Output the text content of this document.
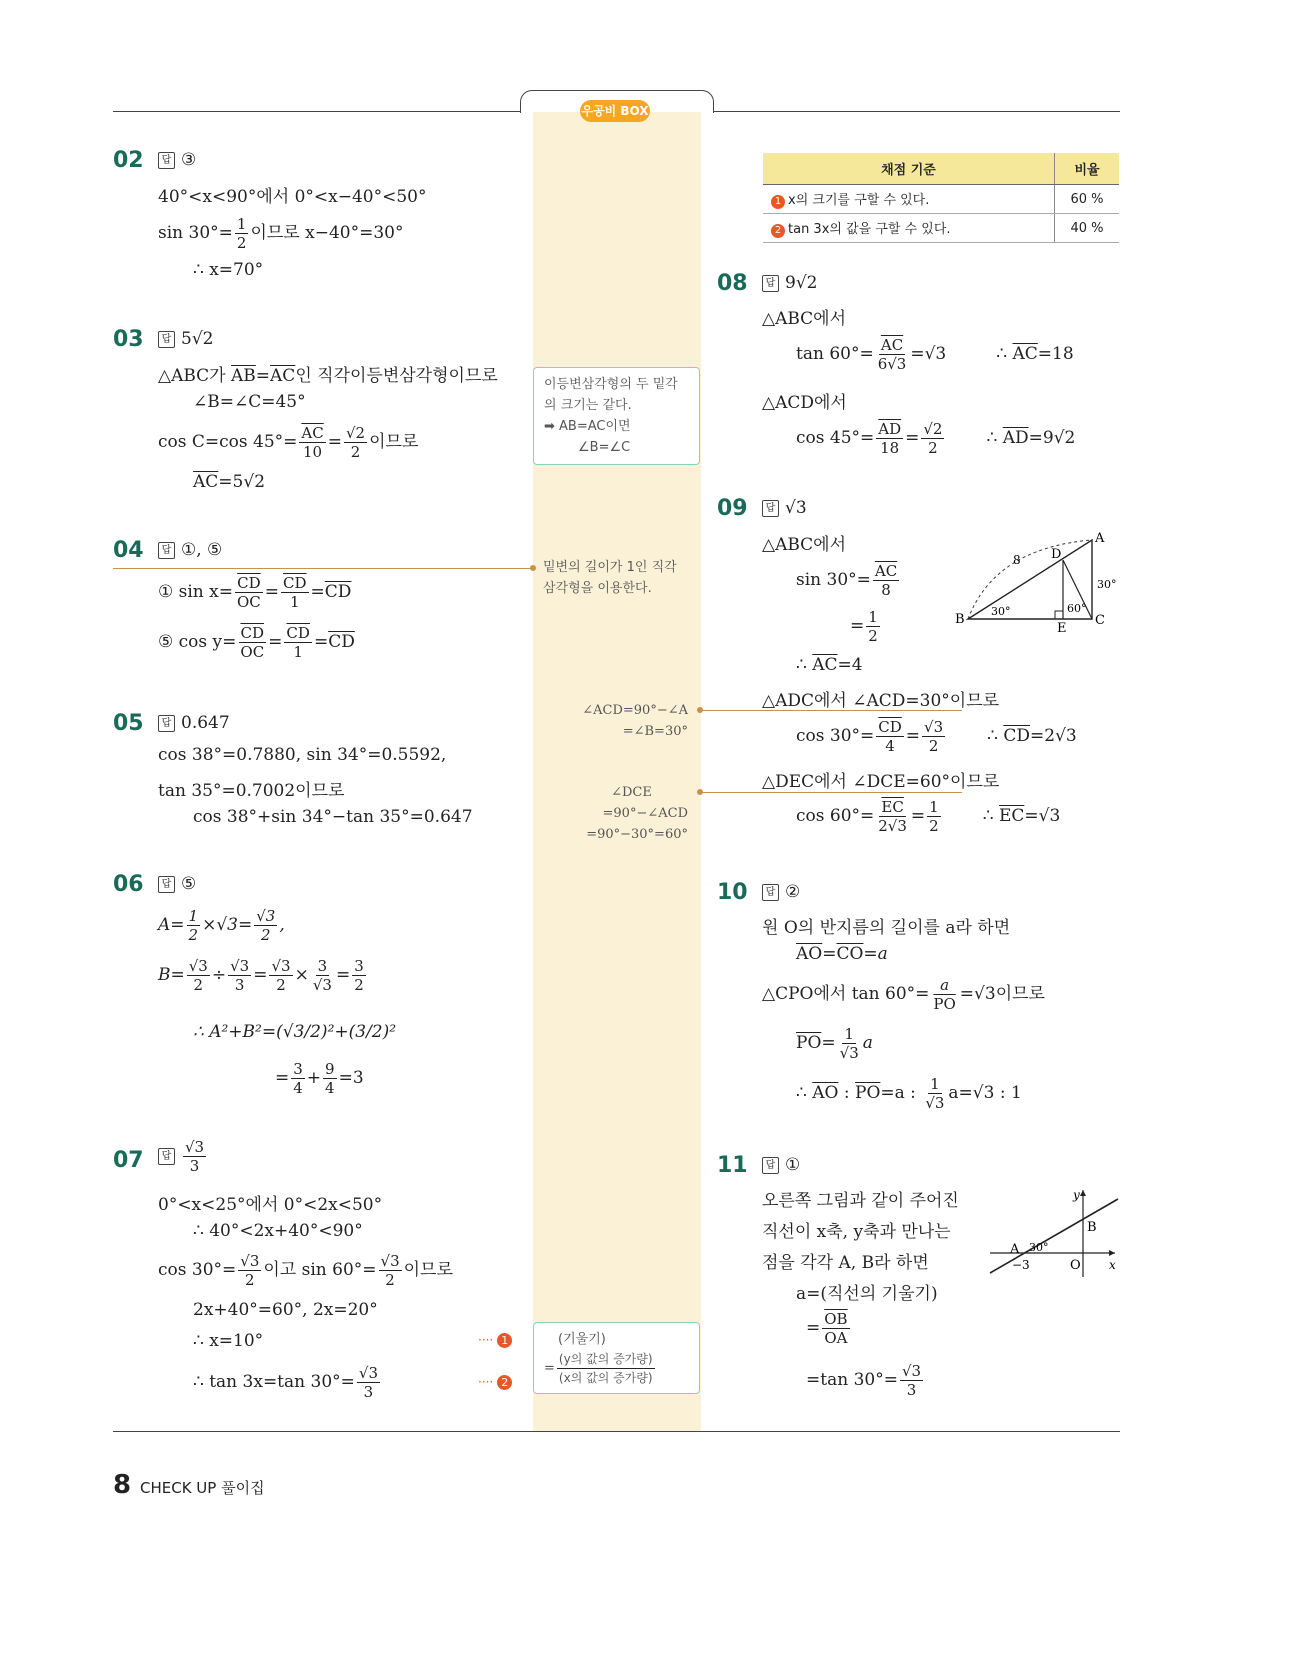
우공비 BOX
채점 기준	비율
1 x의 크기를 구할 수 있다.	60 %
2 tan 3x의 값을 구할 수 있다.	40 %
02	답 ③
40°<x<90°에서 0°<x−40°<50°
$\sin 30^\circ= \frac{1}{2}$ 이므로 x−40°=30°
∴ x=70°
03	답 5√2
△ABC가 $\overline{AB}=\overline{AC}$인 직각이등변삼각형이므로
∠B=∠C=45°
cos C=cos $45^\circ= \frac{\overline{AC}}{10} = \frac{√2}{2}$ 이므로
$\overline{AC}=5√2$
이등변삼각형의 두 밑각
의 크기는 같다.
➡ AB=AC이면
∠B=∠C
04	답 ①, ⑤
밑변의 길이가 1인 직각
삼각형을 이용한다.
① $\sin x= \frac{\overline{CD}}{OC} = \frac{\overline{CD}}{1} =\overline{CD}$
⑤ $\cos y= \frac{\overline{CD}}{OC} = \frac{\overline{CD}}{1} =\overline{CD}$
05	답 0.647
cos 38°=0.7880, sin 34°=0.5592,
tan 35°=0.7002이므로
cos 38°+sin 34°−tan 35°=0.647
∠ACD=90°−∠A
=∠B=30°
∠DCE
=90°−∠ACD
=90°−30°=60°
06	답 ⑤
$A= \frac{1}{2} \times√3= \frac{√3}{2}$ ,
$B= \frac{√3}{2} \div \frac{√3}{3} = \frac{√3}{2} \times \frac{3}{√3} = \frac{3}{2}$
∴ A²+B²=(√3/2)²+(3/2)²
= $\frac{3}{4} + \frac{9}{4} =3$
07	답 $\frac{√3}{3}$
0°<x<25°에서 0°<2x<50°
∴ 40°<2x+40°<90°
$\cos 30^\circ= \frac{√3}{2}$ 이고 $\sin 60^\circ= \frac{√3}{2}$ 이므로
2x+40°=60°, 2x=20°
∴ x=10°
∴ tan 3x=tan $30^\circ= \frac{√3}{3}$
···· 1
···· 2
(기울기)
= $\frac{\text{(y의 값의 증가량)}}{\text{(x의 값의 증가량)}}$
08	답 9√2
△ABC에서
$\tan 60^\circ= \frac{\overline{AC}}{6√3} =√3$	∴ $\overline{AC}=18$
△ACD에서
$\cos 45^\circ= \frac{\overline{AD}}{18} = \frac{√2}{2}$ ∴ $\overline{AD}=9√2$
09	답 √3
△ABC에서
$\sin 30^\circ= \frac{\overline{AC}}{8}$
= $\frac{1}{2}$
∴ $\overline{AC}=4$
△ADC에서 ∠ACD=30°이므로
$\cos 30^\circ= \frac{\overline{CD}}{4} = \frac{√3}{2}$ ∴ $\overline{CD}=2√3$
△DEC에서 ∠DCE=60°이므로
$\cos 60^\circ= \frac{\overline{EC}}{2√3} = \frac{1}{2}$ ∴ $\overline{EC}=√3$
B
A
C
D
E
8
30°	60°
30°
10	답 ②
원 O의 반지름의 길이를 a라 하면
$\overline{AO}=\overline{CO}=a$
△CPO에서 $\tan 60^\circ= \frac{a}{PO} =√3$이므로
$\overline{PO}= \frac{1}{√3}$ a
∴ $\overline{AO}$ : $\overline{PO}=a$ : $\frac{1}{√3} a=√3$ : 1
11	답 ①
오른쪽 그림과 같이 주어진
직선이 x축, y축과 만나는
점을 각각 A, B라 하면
a=(직선의 기울기)
= $\frac{\overline{OB}}{OA}$
=tan $30^\circ= \frac{√3}{3}$
y
x
B
A
O
−3
30°
8 CHECK UP 풀이집
